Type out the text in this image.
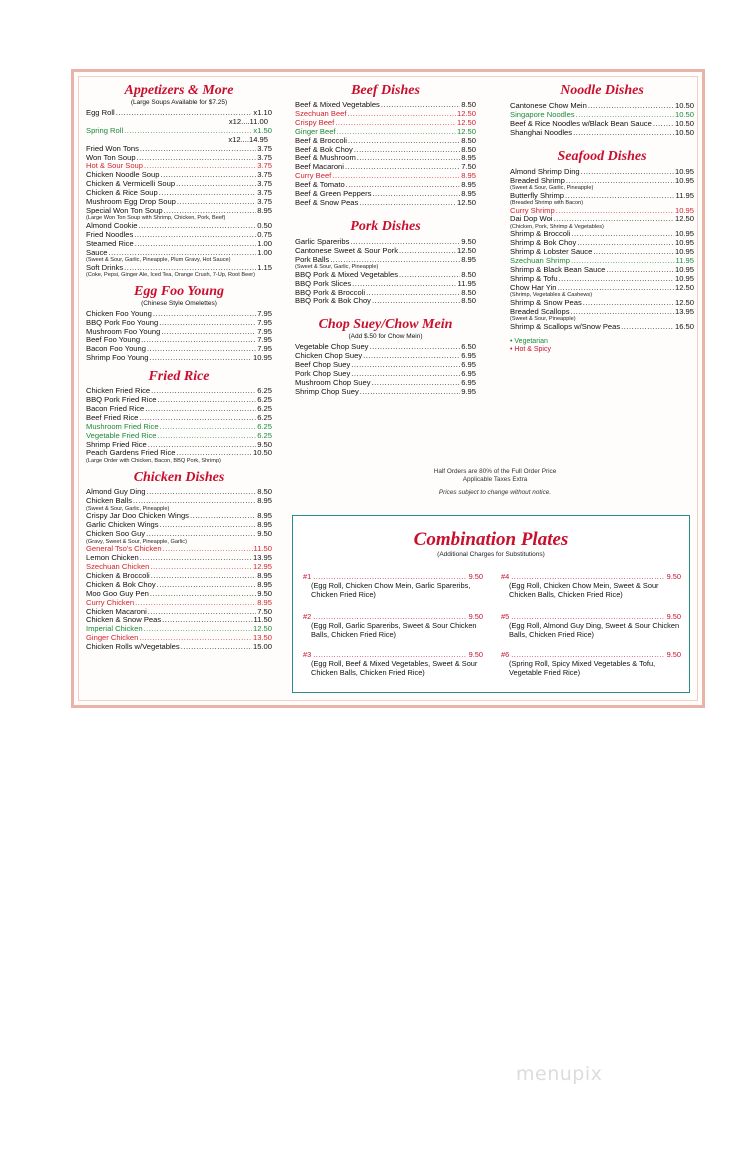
Appetizers & More
(Large Soups Available for $7.25)
Egg Roll .....	x1.10
x12....11.00
Spring Roll .....	x1.50
x12....14.95
Fried Won Tons .....	3.75
Won Ton Soup .....	3.75
Hot & Sour Soup .....	3.75
Chicken Noodle Soup .....	3.75
Chicken & Vermicelli Soup .....	3.75
Chicken & Rice Soup .....	3.75
Mushroom Egg Drop Soup .....	3.75
Special Won Ton Soup .....	8.95
(Large Won Ton Soup with Shrimp, Chicken, Pork, Beef)
Almond Cookie .....	0.50
Fried Noodles .....	0.75
Steamed Rice .....	1.00
Sauce .....	1.00
(Sweet & Sour, Garlic, Pineapple, Plum Gravy, Hot Sauce)
Soft Drinks .....	1.15
(Coke, Pepsi, Ginger Ale, Iced Tea, Orange Crush, 7-Up, Root Beer)
Egg Foo Young
(Chinese Style Omelettes)
Chicken Foo Young .....	7.95
BBQ Pork Foo Young .....	7.95
Mushroom Foo Young .....	7.95
Beef Foo Young .....	7.95
Bacon Foo Young .....	7.95
Shrimp Foo Young .....	10.95
Fried Rice
Chicken Fried Rice .....	6.25
BBQ Pork Fried Rice .....	6.25
Bacon Fried Rice .....	6.25
Beef Fried Rice .....	6.25
Mushroom Fried Rice .....	6.25
Vegetable Fried Rice .....	6.25
Shrimp Fried Rice .....	9.50
Peach Gardens Fried Rice .....	10.50
(Large Order with Chicken, Bacon, BBQ Pork, Shrimp)
Chicken Dishes
Almond Guy Ding .....	8.50
Chicken Balls .....	8.95
(Sweet & Sour, Garlic, Pineapple)
Crispy Jar Doo Chicken Wings .....	8.95
Garlic Chicken Wings .....	8.95
Chicken Soo Guy .....	9.50
(Gravy, Sweet & Sour, Pineapple, Garlic)
General Tso's Chicken .....	11.50
Lemon Chicken .....	13.95
Szechuan Chicken .....	12.95
Chicken & Broccoli .....	8.95
Chicken & Bok Choy .....	8.95
Moo Goo Guy Pen .....	9.50
Curry Chicken .....	8.95
Chicken Macaroni .....	7.50
Chicken & Snow Peas .....	11.50
Imperial Chicken .....	12.50
Ginger Chicken .....	13.50
Chicken Rolls w/Vegetables .....	15.00
Beef Dishes
Beef & Mixed Vegetables .....	8.50
Szechuan Beef .....	12.50
Crispy Beef .....	12.50
Ginger Beef .....	12.50
Beef & Broccoli .....	8.50
Beef & Bok Choy .....	8.50
Beef & Mushroom .....	8.95
Beef Macaroni .....	7.50
Curry Beef .....	8.95
Beef & Tomato .....	8.95
Beef & Green Peppers .....	8.95
Beef & Snow Peas .....	12.50
Pork Dishes
Garlic Spareribs .....	9.50
Cantonese Sweet & Sour Pork .....	12.50
Pork Balls .....	8.95
(Sweet & Sour, Garlic, Pineapple)
BBQ Pork & Mixed Vegetables .....	8.50
BBQ Pork Slices .....	11.95
BBQ Pork & Broccoli .....	8.50
BBQ Pork & Bok Choy .....	8.50
Chop Suey/Chow Mein
(Add $.50 for Chow Mein)
Vegetable Chop Suey .....	6.50
Chicken Chop Suey .....	6.95
Beef Chop Suey .....	6.95
Pork Chop Suey .....	6.95
Mushroom Chop Suey .....	6.95
Shrimp Chop Suey .....	9.95
Noodle Dishes
Cantonese Chow Mein .....	10.50
Singapore Noodles .....	10.50
Beef & Rice Noodles w/Black Bean Sauce .....	10.50
Shanghai Noodles .....	10.50
Seafood Dishes
Almond Shrimp Ding .....	10.95
Breaded Shrimp .....	10.95
(Sweet & Sour, Garlic, Pineapple)
Butterfly Shrimp .....	11.95
(Breaded Shrimp with Bacon)
Curry Shrimp .....	10.95
Dai Dop Woi .....	12.50
(Chicken, Pork, Shrimp & Vegetables)
Shrimp & Broccoli .....	10.95
Shrimp & Bok Choy .....	10.95
Shrimp & Lobster Sauce .....	10.95
Szechuan Shrimp .....	11.95
Shrimp & Black Bean Sauce .....	10.95
Shrimp & Tofu .....	10.95
Chow Har Yin .....	12.50
(Shrimp, Vegetables & Cashews)
Shrimp & Snow Peas .....	12.50
Breaded Scallops .....	13.95
(Sweet & Sour, Pineapple)
Shrimp & Scallops w/Snow Peas .....	16.50
• Vegetarian
• Hot & Spicy
Half Orders are 80% of the Full Order Price
Applicable Taxes Extra
Prices subject to change without notice.
Combination Plates
(Additional Charges for Substitutions)
#1 .....	9.50
(Egg Roll, Chicken Chow Mein, Garlic Spareribs, Chicken Fried Rice)
#2 .....	9.50
(Egg Roll, Garlic Spareribs, Sweet & Sour Chicken Balls, Chicken Fried Rice)
#3 .....	9.50
(Egg Roll, Beef & Mixed Vegetables, Sweet & Sour Chicken Balls, Chicken Fried Rice)
#4 .....	9.50
(Egg Roll, Chicken Chow Mein, Sweet & Sour Chicken Balls, Chicken Fried Rice)
#5 .....	9.50
(Egg Roll, Almond Guy Ding, Sweet & Sour Chicken Balls, Chicken Fried Rice)
#6 .....	9.50
(Spring Roll, Spicy Mixed Vegetables & Tofu, Vegetable Fried Rice)
menupix
